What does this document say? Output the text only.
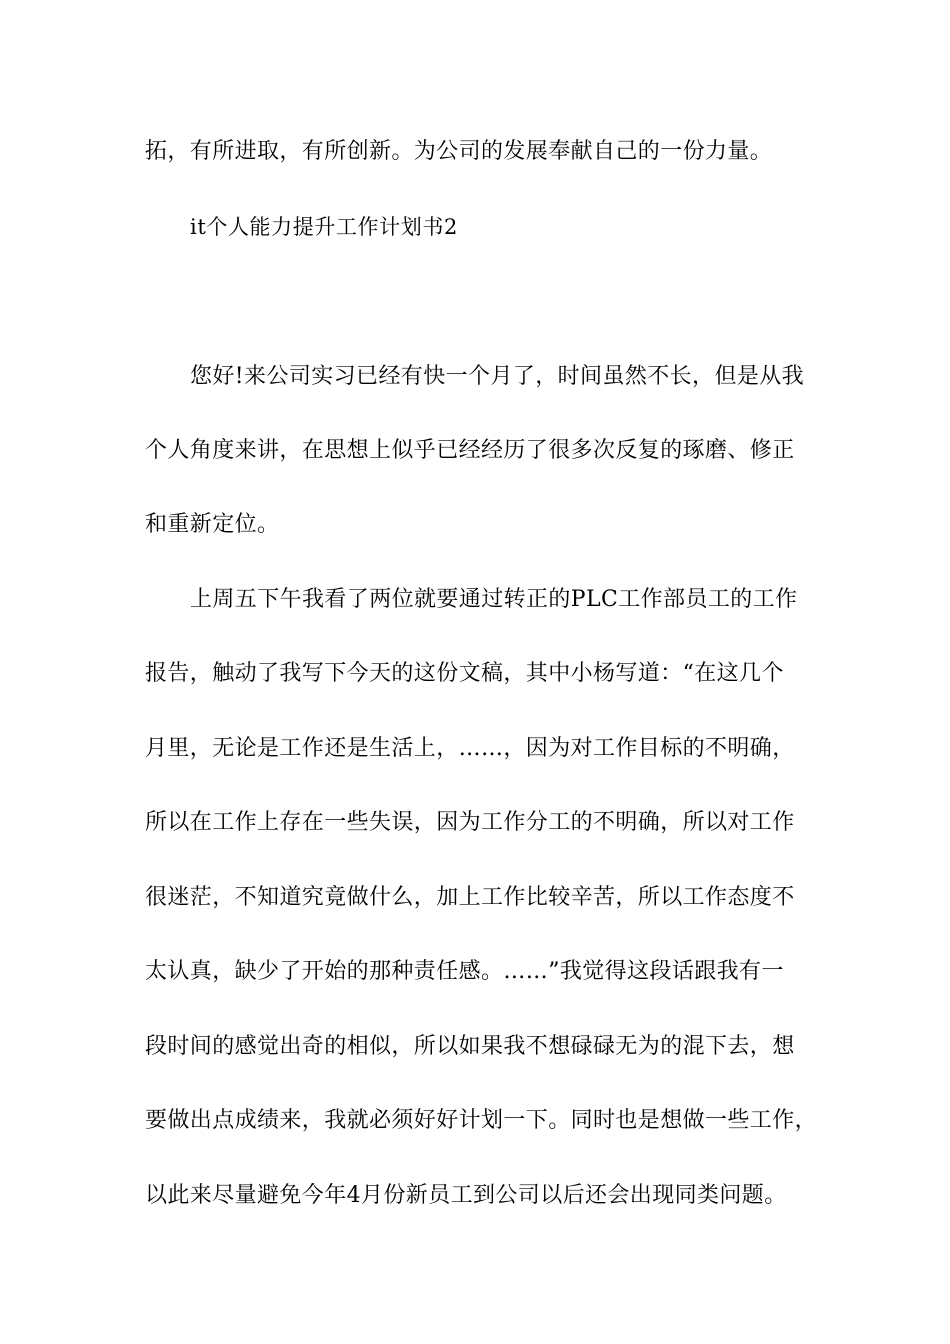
拓，有所进取，有所创新。为公司的发展奉献自己的一份力量。
it个人能力提升工作计划书2
您好!来公司实习已经有快一个月了，时间虽然不长，但是从我
个人角度来讲，在思想上似乎已经经历了很多次反复的琢磨、修正
和重新定位。
上周五下午我看了两位就要通过转正的PLC工作部员工的工作
报告，触动了我写下今天的这份文稿，其中小杨写道：“在这几个
月里，无论是工作还是生活上，……，因为对工作目标的不明确，
所以在工作上存在一些失误，因为工作分工的不明确，所以对工作
很迷茫，不知道究竟做什么，加上工作比较辛苦，所以工作态度不
太认真，缺少了开始的那种责任感。……”我觉得这段话跟我有一
段时间的感觉出奇的相似，所以如果我不想碌碌无为的混下去，想
要做出点成绩来，我就必须好好计划一下。同时也是想做一些工作，
以此来尽量避免今年4月份新员工到公司以后还会出现同类问题。
